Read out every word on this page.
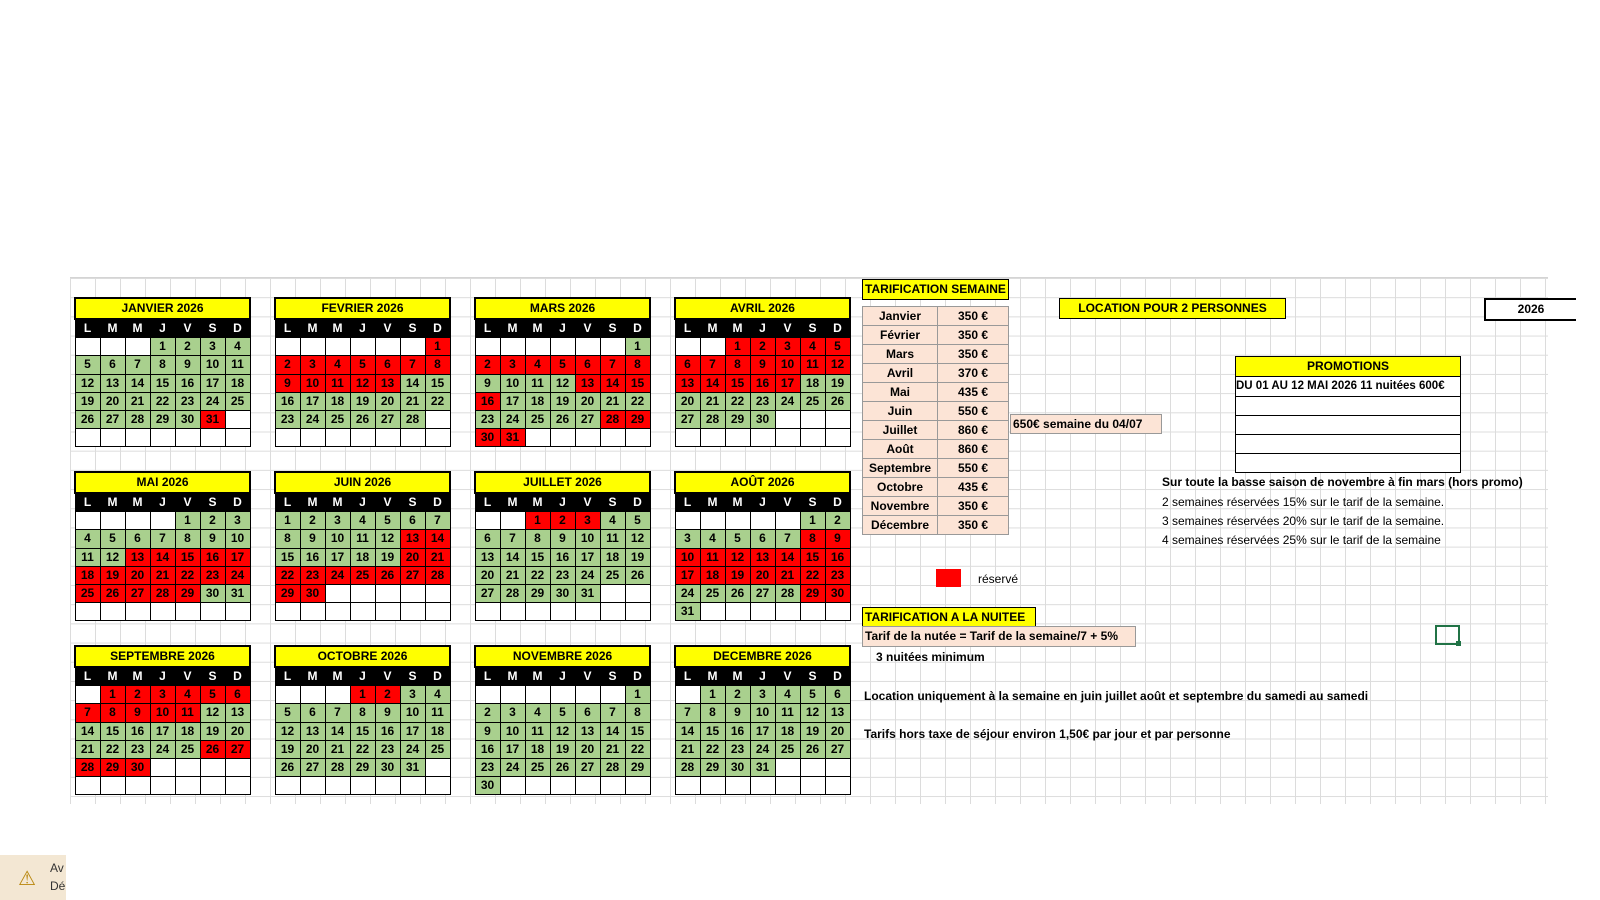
JANVIER 2026						
L	M	M	J	V	S	D
			1	2	3	4
5	6	7	8	9	10	11
12	13	14	15	16	17	18
19	20	21	22	23	24	25
26	27	28	29	30	31	

FEVRIER 2026						
L	M	M	J	V	S	D
						1
2	3	4	5	6	7	8
9	10	11	12	13	14	15
16	17	18	19	20	21	22
23	24	25	26	27	28	

MARS 2026						
L	M	M	J	V	S	D
						1
2	3	4	5	6	7	8
9	10	11	12	13	14	15
16	17	18	19	20	21	22
23	24	25	26	27	28	29
30	31					
AVRIL 2026						
L	M	M	J	V	S	D
		1	2	3	4	5
6	7	8	9	10	11	12
13	14	15	16	17	18	19
20	21	22	23	24	25	26
27	28	29	30			

MAI 2026						
L	M	M	J	V	S	D
				1	2	3
4	5	6	7	8	9	10
11	12	13	14	15	16	17
18	19	20	21	22	23	24
25	26	27	28	29	30	31

JUIN 2026						
L	M	M	J	V	S	D
1	2	3	4	5	6	7
8	9	10	11	12	13	14
15	16	17	18	19	20	21
22	23	24	25	26	27	28
29	30					

JUILLET 2026						
L	M	M	J	V	S	D
		1	2	3	4	5
6	7	8	9	10	11	12
13	14	15	16	17	18	19
20	21	22	23	24	25	26
27	28	29	30	31		

AOÛT 2026						
L	M	M	J	V	S	D
					1	2
3	4	5	6	7	8	9
10	11	12	13	14	15	16
17	18	19	20	21	22	23
24	25	26	27	28	29	30
31						
SEPTEMBRE 2026						
L	M	M	J	V	S	D
	1	2	3	4	5	6
7	8	9	10	11	12	13
14	15	16	17	18	19	20
21	22	23	24	25	26	27
28	29	30				

OCTOBRE 2026						
L	M	M	J	V	S	D
			1	2	3	4
5	6	7	8	9	10	11
12	13	14	15	16	17	18
19	20	21	22	23	24	25
26	27	28	29	30	31	

NOVEMBRE 2026						
L	M	M	J	V	S	D
						1
2	3	4	5	6	7	8
9	10	11	12	13	14	15
16	17	18	19	20	21	22
23	24	25	26	27	28	29
30						
DECEMBRE 2026						
L	M	M	J	V	S	D
	1	2	3	4	5	6
7	8	9	10	11	12	13
14	15	16	17	18	19	20
21	22	23	24	25	26	27
28	29	30	31			

TARIFICATION SEMAINE
Janvier	350 €
Février	350 €
Mars	350 €
Avril	370 €
Mai	435 €
Juin	550 €
Juillet	860 €
Août	860 €
Septembre	550 €
Octobre	435 €
Novembre	350 €
Décembre	350 €
650€ semaine du 04/07
LOCATION POUR 2 PERSONNES	2026
PROMOTIONS
DU 01 AU 12 MAI 2026 11 nuitées 600€
Sur toute la basse saison de novembre à fin mars (hors promo)
2 semaines réservées 15% sur le tarif de la semaine.
3 semaines réservées 20% sur le tarif de la semaine.
4 semaines réservées 25% sur le tarif de la semaine
réservé
TARIFICATION A LA NUITEE
Tarif de la nutée = Tarif de la semaine/7 + 5%
3 nuitées minimum
Location uniquement à la semaine en juin juillet août et septembre du samedi au samedi
Tarifs hors taxe de séjour environ 1,50€ par jour et par personne
⚠ Av
Dé
